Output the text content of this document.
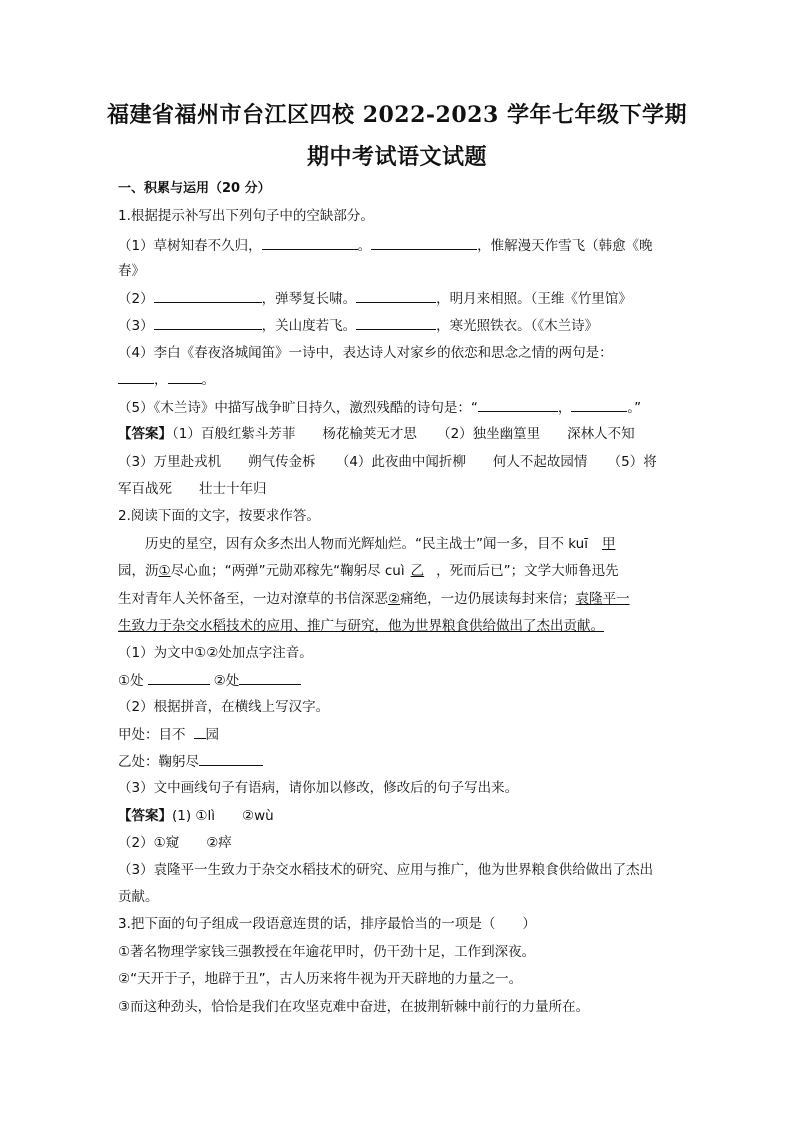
福建省福州市台江区四校 2022-2023 学年七年级下学期
期中考试语文试题
一、积累与运用（20 分）
1.根据提示补写出下列句子中的空缺部分。
（1）草树知春不久归，	。	，惟解漫天作雪飞（韩愈《晚
春》
（2）	，弹琴复长啸。	，明月来相照。（王维《竹里馆》
（3）	，关山度若飞。	，寒光照铁衣。（《木兰诗》
（4）李白《春夜洛城闻笛》一诗中，表达诗人对家乡的依恋和思念之情的两句是：
，	。
（5）《木兰诗》中描写战争旷日持久，激烈残酷的诗句是：“	，	。”
【答案】（1）百般红紫斗芳菲　　杨花榆荚无才思　　（2）独坐幽篁里　　深林人不知
（3）万里赴戎机　　朔气传金柝　　（4）此夜曲中闻折柳　　何人不起故园情　　（5）将
军百战死　　壮士十年归
2.阅读下面的文字，按要求作答。
　　历史的星空，因有众多杰出人物而光辉灿烂。“民主战士”闻一多，目不 kuī 甲
园，沥①尽心血；“两弹”元勋邓稼先“鞠躬尽 cuì 乙 ，死而后已”；文学大师鲁迅先
生对青年人关怀备至，一边对潦草的书信深恶②痛绝，一边仍展读每封来信；袁隆平一
生致力于杂交水稻技术的应用、推广与研究，他为世界粮食供给做出了杰出贡献。
（1）为文中①②处加点字注音。
①处	②处
（2）根据拼音，在横线上写汉字。
甲处：目不 园
乙处：鞠躬尽
（3）文中画线句子有语病，请你加以修改，修改后的句子写出来。
【答案】(1) ①lì　　②wù
（2）①窥　　②瘁
（3）袁隆平一生致力于杂交水稻技术的研究、应用与推广，他为世界粮食供给做出了杰出
贡献。
3.把下面的句子组成一段语意连贯的话，排序最恰当的一项是（　　）
①著名物理学家钱三强教授在年逾花甲时，仍干劲十足，工作到深夜。
②“天开于子，地辟于丑”，古人历来将牛视为开天辟地的力量之一。
③而这种劲头，恰恰是我们在攻坚克难中奋进，在披荆斩棘中前行的力量所在。
